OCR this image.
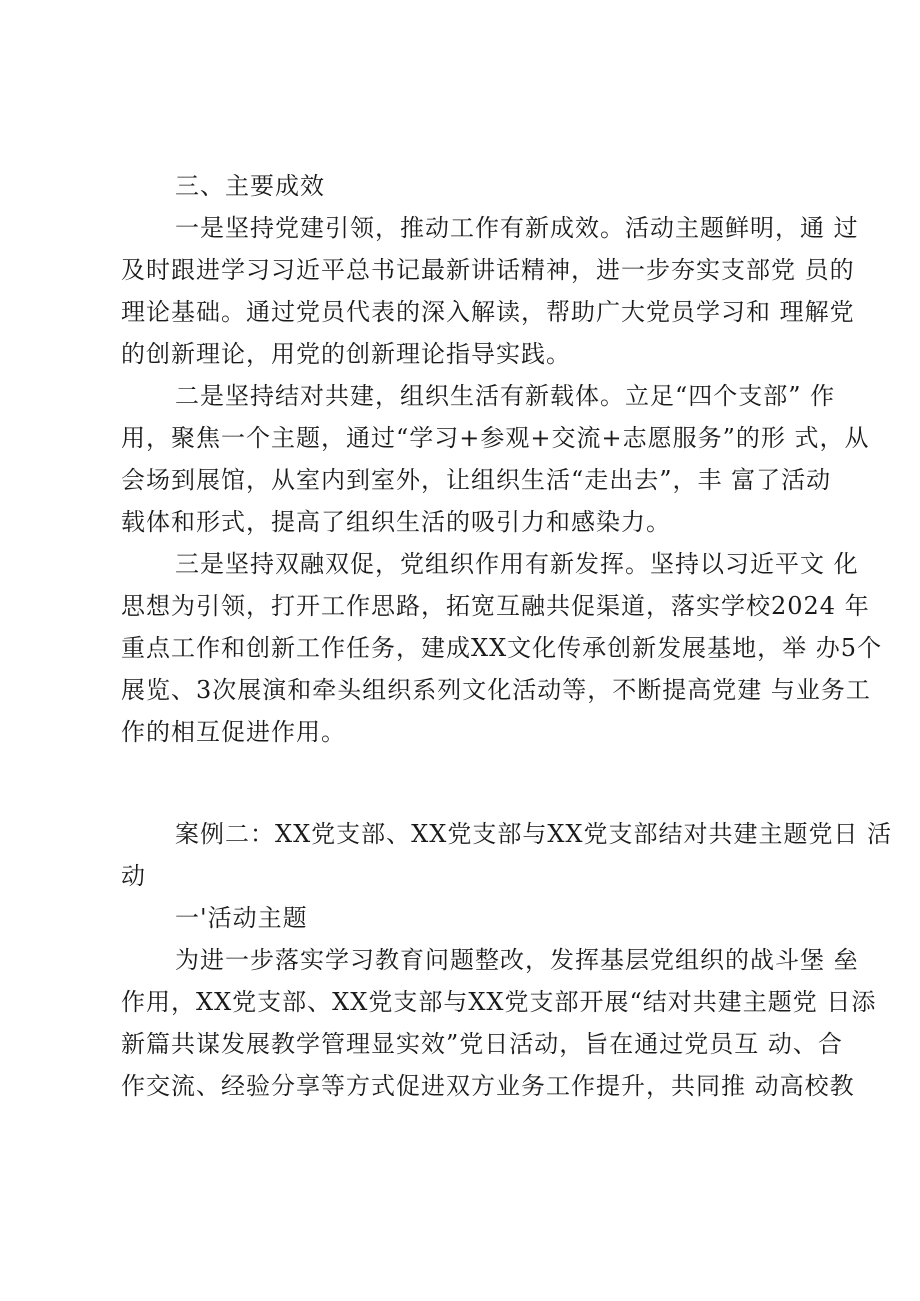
三、主要成效
一是坚持党建引领，推动工作有新成效。活动主题鲜明，通 过
及时跟进学习习近平总书记最新讲话精神，进一步夯实支部党 员的
理论基础。通过党员代表的深入解读，帮助广大党员学习和 理解党
的创新理论，用党的创新理论指导实践。
二是坚持结对共建，组织生活有新载体。立足“四个支部” 作
用，聚焦一个主题，通过“学习+参观+交流+志愿服务”的形 式，从
会场到展馆，从室内到室外，让组织生活“走出去”，丰 富了活动
载体和形式，提高了组织生活的吸引力和感染力。
三是坚持双融双促，党组织作用有新发挥。坚持以习近平文 化
思想为引领，打开工作思路，拓宽互融共促渠道，落实学校2024 年
重点工作和创新工作任务，建成XX文化传承创新发展基地，举 办5个
展览、3次展演和牵头组织系列文化活动等，不断提高党建 与业务工
作的相互促进作用。
案例二：XX党支部、XX党支部与XX党支部结对共建主题党日 活
动
一'活动主题
为进一步落实学习教育问题整改，发挥基层党组织的战斗堡 垒
作用，XX党支部、XX党支部与XX党支部开展“结对共建主题党 日添
新篇共谋发展教学管理显实效”党日活动，旨在通过党员互 动、合
作交流、经验分享等方式促进双方业务工作提升，共同推 动高校教
